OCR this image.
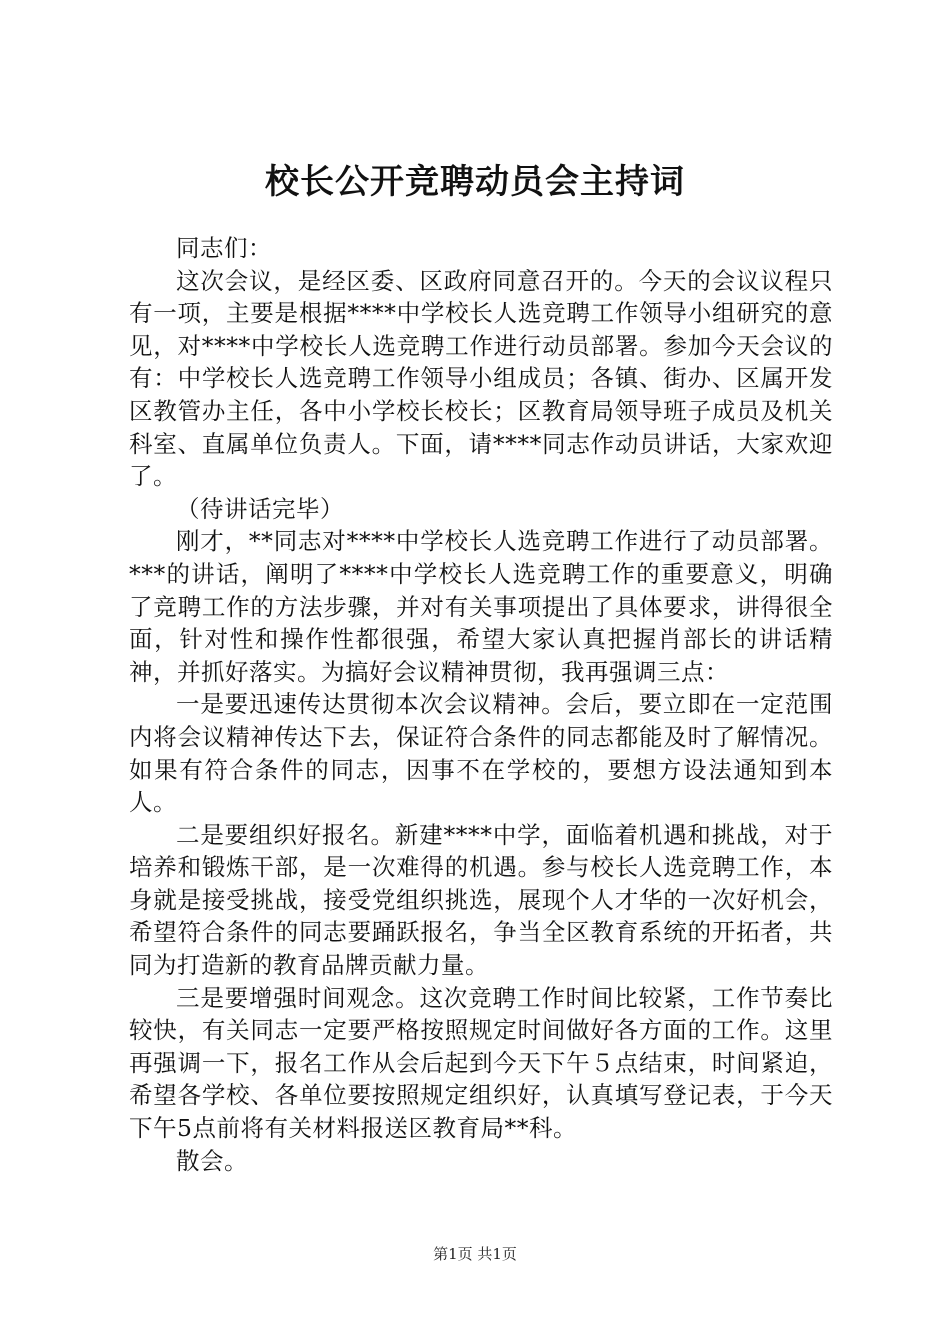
校长公开竞聘动员会主持词

同志们：

这次会议，是经区委、区政府同意召开的。今天的会议议程只有一项，主要是根据****中学校长人选竞聘工作领导小组研究的意见，对****中学校长人选竞聘工作进行动员部署。参加今天会议的有：中学校长人选竞聘工作领导小组成员；各镇、街办、区属开发区教管办主任，各中小学校长校长；区教育局领导班子成员及机关科室、直属单位负责人。下面，请****同志作动员讲话，大家欢迎了。

（待讲话完毕）

刚才，**同志对****中学校长人选竞聘工作进行了动员部署。***的讲话，阐明了****中学校长人选竞聘工作的重要意义，明确了竞聘工作的方法步骤，并对有关事项提出了具体要求，讲得很全面，针对性和操作性都很强，希望大家认真把握肖部长的讲话精神，并抓好落实。为搞好会议精神贯彻，我再强调三点：

一是要迅速传达贯彻本次会议精神。会后，要立即在一定范围内将会议精神传达下去，保证符合条件的同志都能及时了解情况。如果有符合条件的同志，因事不在学校的，要想方设法通知到本人。

二是要组织好报名。新建****中学，面临着机遇和挑战，对于培养和锻炼干部，是一次难得的机遇。参与校长人选竞聘工作，本身就是接受挑战，接受党组织挑选，展现个人才华的一次好机会，希望符合条件的同志要踊跃报名，争当全区教育系统的开拓者，共同为打造新的教育品牌贡献力量。

三是要增强时间观念。这次竞聘工作时间比较紧，工作节奏比较快，有关同志一定要严格按照规定时间做好各方面的工作。这里再强调一下，报名工作从会后起到今天下午５点结束，时间紧迫，希望各学校、各单位要按照规定组织好，认真填写登记表，于今天下午5点前将有关材料报送区教育局**科。

散会。

第1页 共1页
